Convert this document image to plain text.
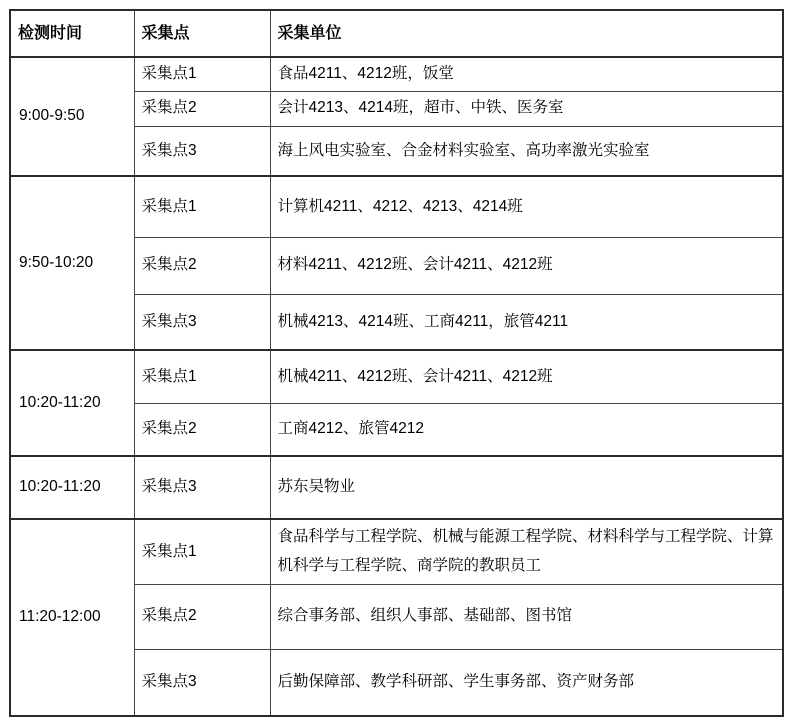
检测时间	采集点	采集单位
9:00-9:50	采集点1	食品4211、4212班，饭堂
	采集点2	会计4213、4214班，超市、中铁、医务室
	采集点3	海上风电实验室、合金材料实验室、高功率激光实验室
9:50-10:20	采集点1	计算机4211、4212、4213、4214班
	采集点2	材料4211、4212班、会计4211、4212班
	采集点3	机械4213、4214班、工商4211，旅管4211
10:20-11:20	采集点1	机械4211、4212班、会计4211、4212班
	采集点2	工商4212、旅管4212
10:20-11:20	采集点3	苏东吴物业
11:20-12:00	采集点1	食品科学与工程学院、机械与能源工程学院、材料科学与工程学院、计算机科学与工程学院、商学院的教职员工
	采集点2	综合事务部、组织人事部、基础部、图书馆
	采集点3	后勤保障部、教学科研部、学生事务部、资产财务部
